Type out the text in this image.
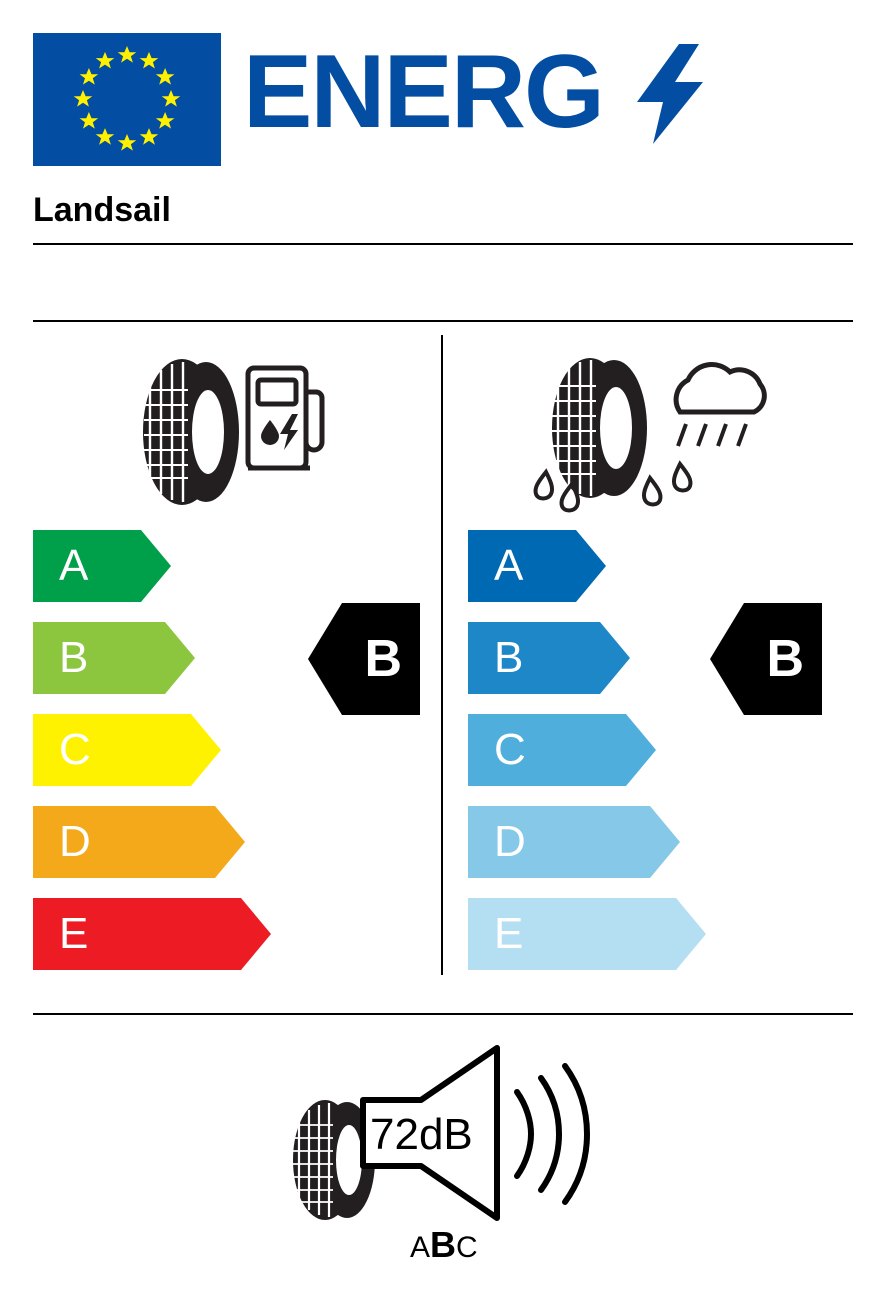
ENERG
Landsail
A
B
C
D
E
B
A
B
C
D
E
B
72dB
ABC
